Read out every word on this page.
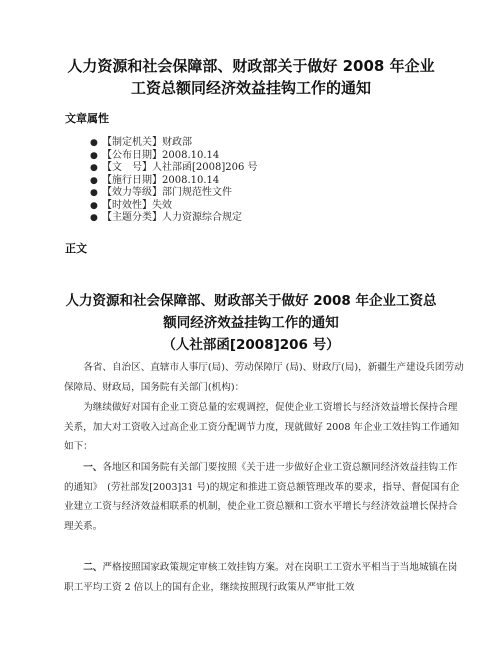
人力资源和社会保障部、财政部关于做好 2008 年企业
工资总额同经济效益挂钩工作的通知
文章属性
● 【制定机关】财政部
● 【公布日期】2008.10.14
● 【文　号】人社部函[2008]206 号
● 【施行日期】2008.10.14
● 【效力等级】部门规范性文件
● 【时效性】失效
● 【主题分类】人力资源综合规定
正文
人力资源和社会保障部、财政部关于做好 2008 年企业工资总
额同经济效益挂钩工作的通知
（人社部函[2008]206 号）

各省、自治区、直辖市人事厅(局)、劳动保障厅 (局)、财政厅(局)，新疆生产建设兵团劳动保障局、财政局，国务院有关部门(机构)：

为继续做好对国有企业工资总量的宏观调控，促使企业工资增长与经济效益增长保持合理关系，加大对工资收入过高企业工资分配调节力度，现就做好 2008 年企业工效挂钩工作通知如下：

一、各地区和国务院有关部门要按照《关于进一步做好企业工资总额同经济效益挂钩工作的通知》　(劳社部发[2003]31 号)的规定和推进工资总额管理改革的要求，指导、督促国有企业建立工资与经济效益相联系的机制，使企业工资总额和工资水平增长与经济效益增长保持合理关系。

二、严格按照国家政策规定审核工效挂钩方案。对在岗职工工资水平相当于当地城镇在岗职工平均工资 2 倍以上的国有企业，继续按照现行政策从严审批工效
